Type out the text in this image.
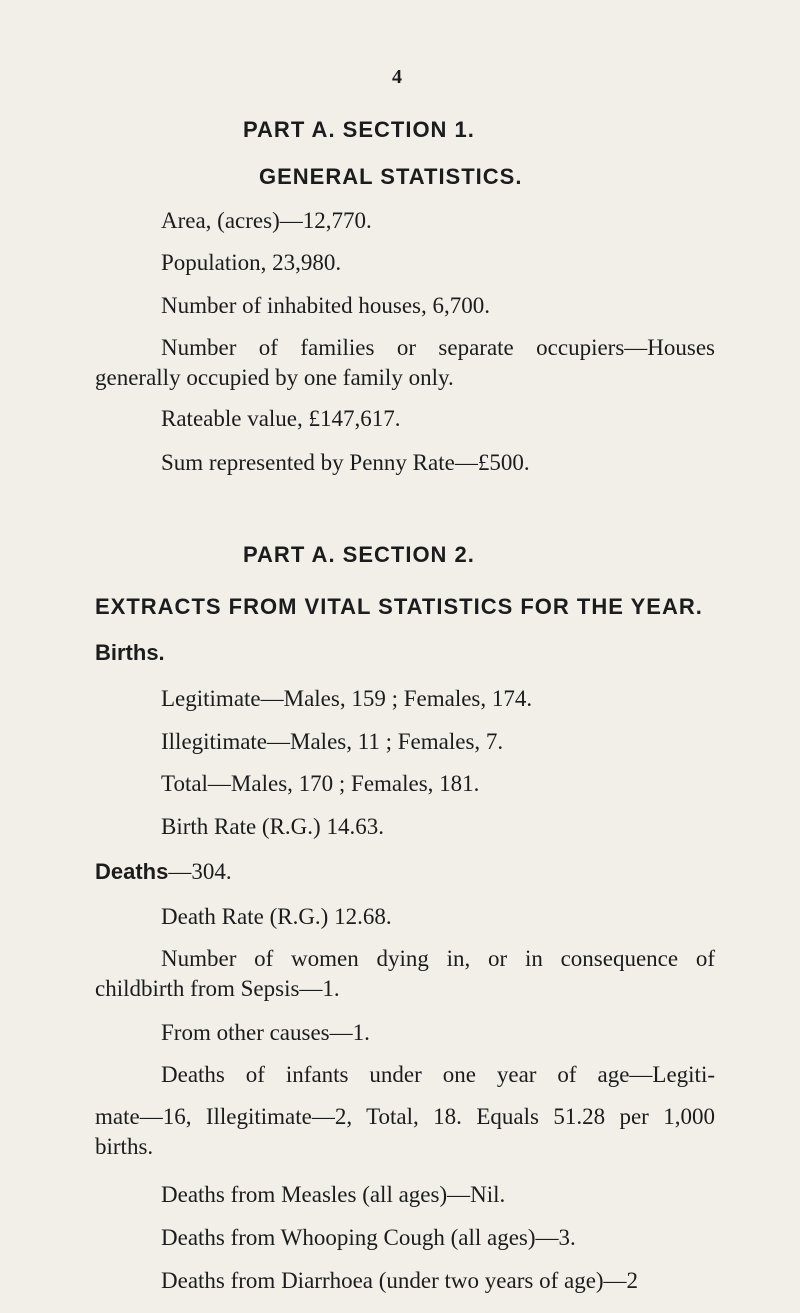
4
PART A. SECTION 1.
GENERAL STATISTICS.
Area, (acres)—12,770.
Population, 23,980.
Number of inhabited houses, 6,700.
Number of families or separate occupiers—Houses
generally occupied by one family only.
Rateable value, £147,617.
Sum represented by Penny Rate—£500.
PART A. SECTION 2.
EXTRACTS FROM VITAL STATISTICS FOR THE YEAR.
Births.
Legitimate—Males, 159 ; Females, 174.
Illegitimate—Males, 11 ; Females, 7.
Total—Males, 170 ; Females, 181.
Birth Rate (R.G.) 14.63.
Deaths—304.
Death Rate (R.G.) 12.68.
Number of women dying in, or in consequence of
childbirth from Sepsis—1.
From other causes—1.
Deaths of infants under one year of age—Legiti-
mate—16, Illegitimate—2, Total, 18. Equals 51.28 per 1,000
births.
Deaths from Measles (all ages)—Nil.
Deaths from Whooping Cough (all ages)—3.
Deaths from Diarrhoea (under two years of age)—2
